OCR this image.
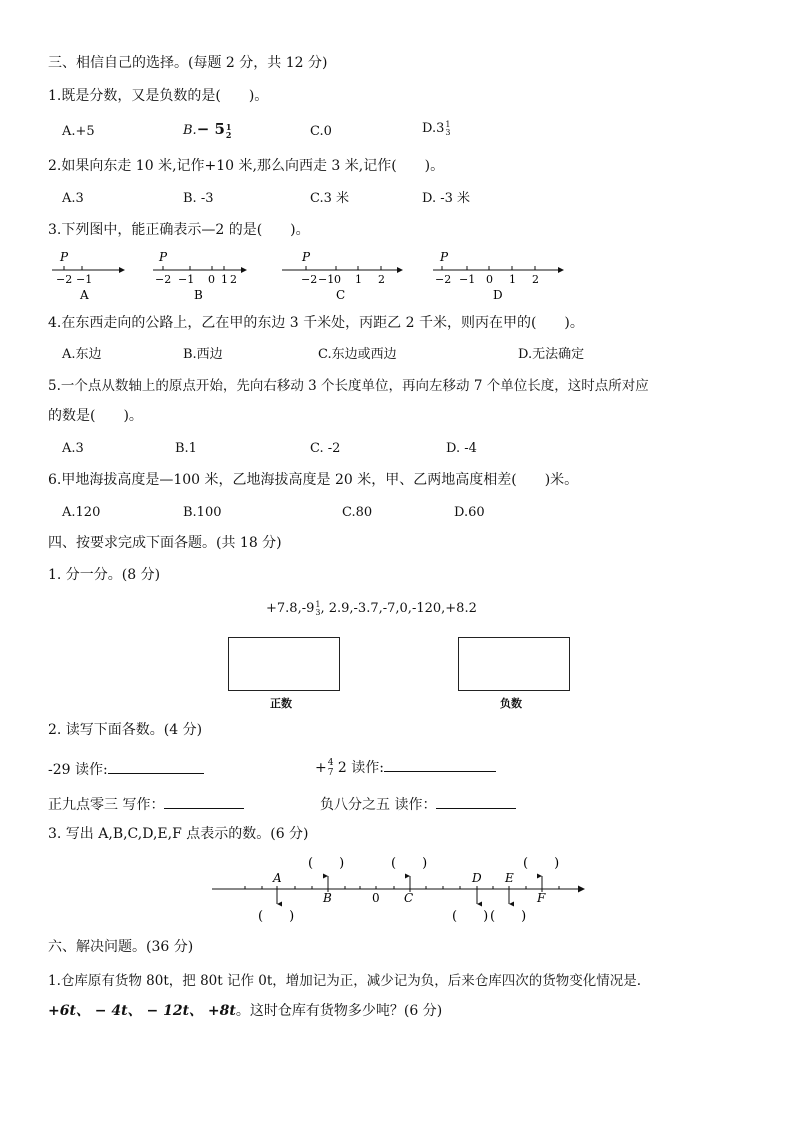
三、相信自己的选择。(每题 2 分，共 12 分)
1.既是分数，又是负数的是(　　)。
A.+5	B.− 5 1
2	C.0	D.3 1
3
2.如果向东走 10 米,记作+10 米,那么向西走 3 米,记作(　　)。
A.3	B. -3	C.3 米	D. -3 米
3.下列图中，能正确表示—2 的是(　　)。
P
−2 −1
A
P
−2 −1 0 1 2
B
P
−2 −1 0 1 2
C
P
−2 −1 0 1 2
D
4.在东西走向的公路上，乙在甲的东边 3 千米处，丙距乙 2 千米，则丙在甲的(　　)。
A.东边	B.西边	C.东边或西边	D.无法确定
5.一个点从数轴上的原点开始，先向右移动 3 个长度单位，再向左移动 7 个单位长度，这时点所对应
的数是(　　)。
A.3	B.1	C. -2	D. -4
6.甲地海拔高度是—100 米，乙地海拔高度是 20 米，甲、乙两地高度相差(　　)米。
A.120	B.100	C.80	D.60
四、按要求完成下面各题。(共 18 分)
1. 分一分。(8 分)
+7.8,-9 1
3 , 2.9,-3.7,-7,0,-120,+8.2
正数	负数
2. 读写下面各数。(4 分)
-29 读作:	+ 4
7 2 读作:
正九点零三 写作：	负八分之五 读作：
3. 写出 A,B,C,D,E,F 点表示的数。(6 分)
A
B	0 C
D E
F
(　　)	(　　)	(　　)
(　　)	(　　) (　　)
六、解决问题。(36 分)
1.仓库原有货物 80t，把 80t 记作 0t，增加记为正，减少记为负，后来仓库四次的货物变化情况是.
+6t、 − 4t、 − 12t、 +8t。这时仓库有货物多少吨？(6 分)
